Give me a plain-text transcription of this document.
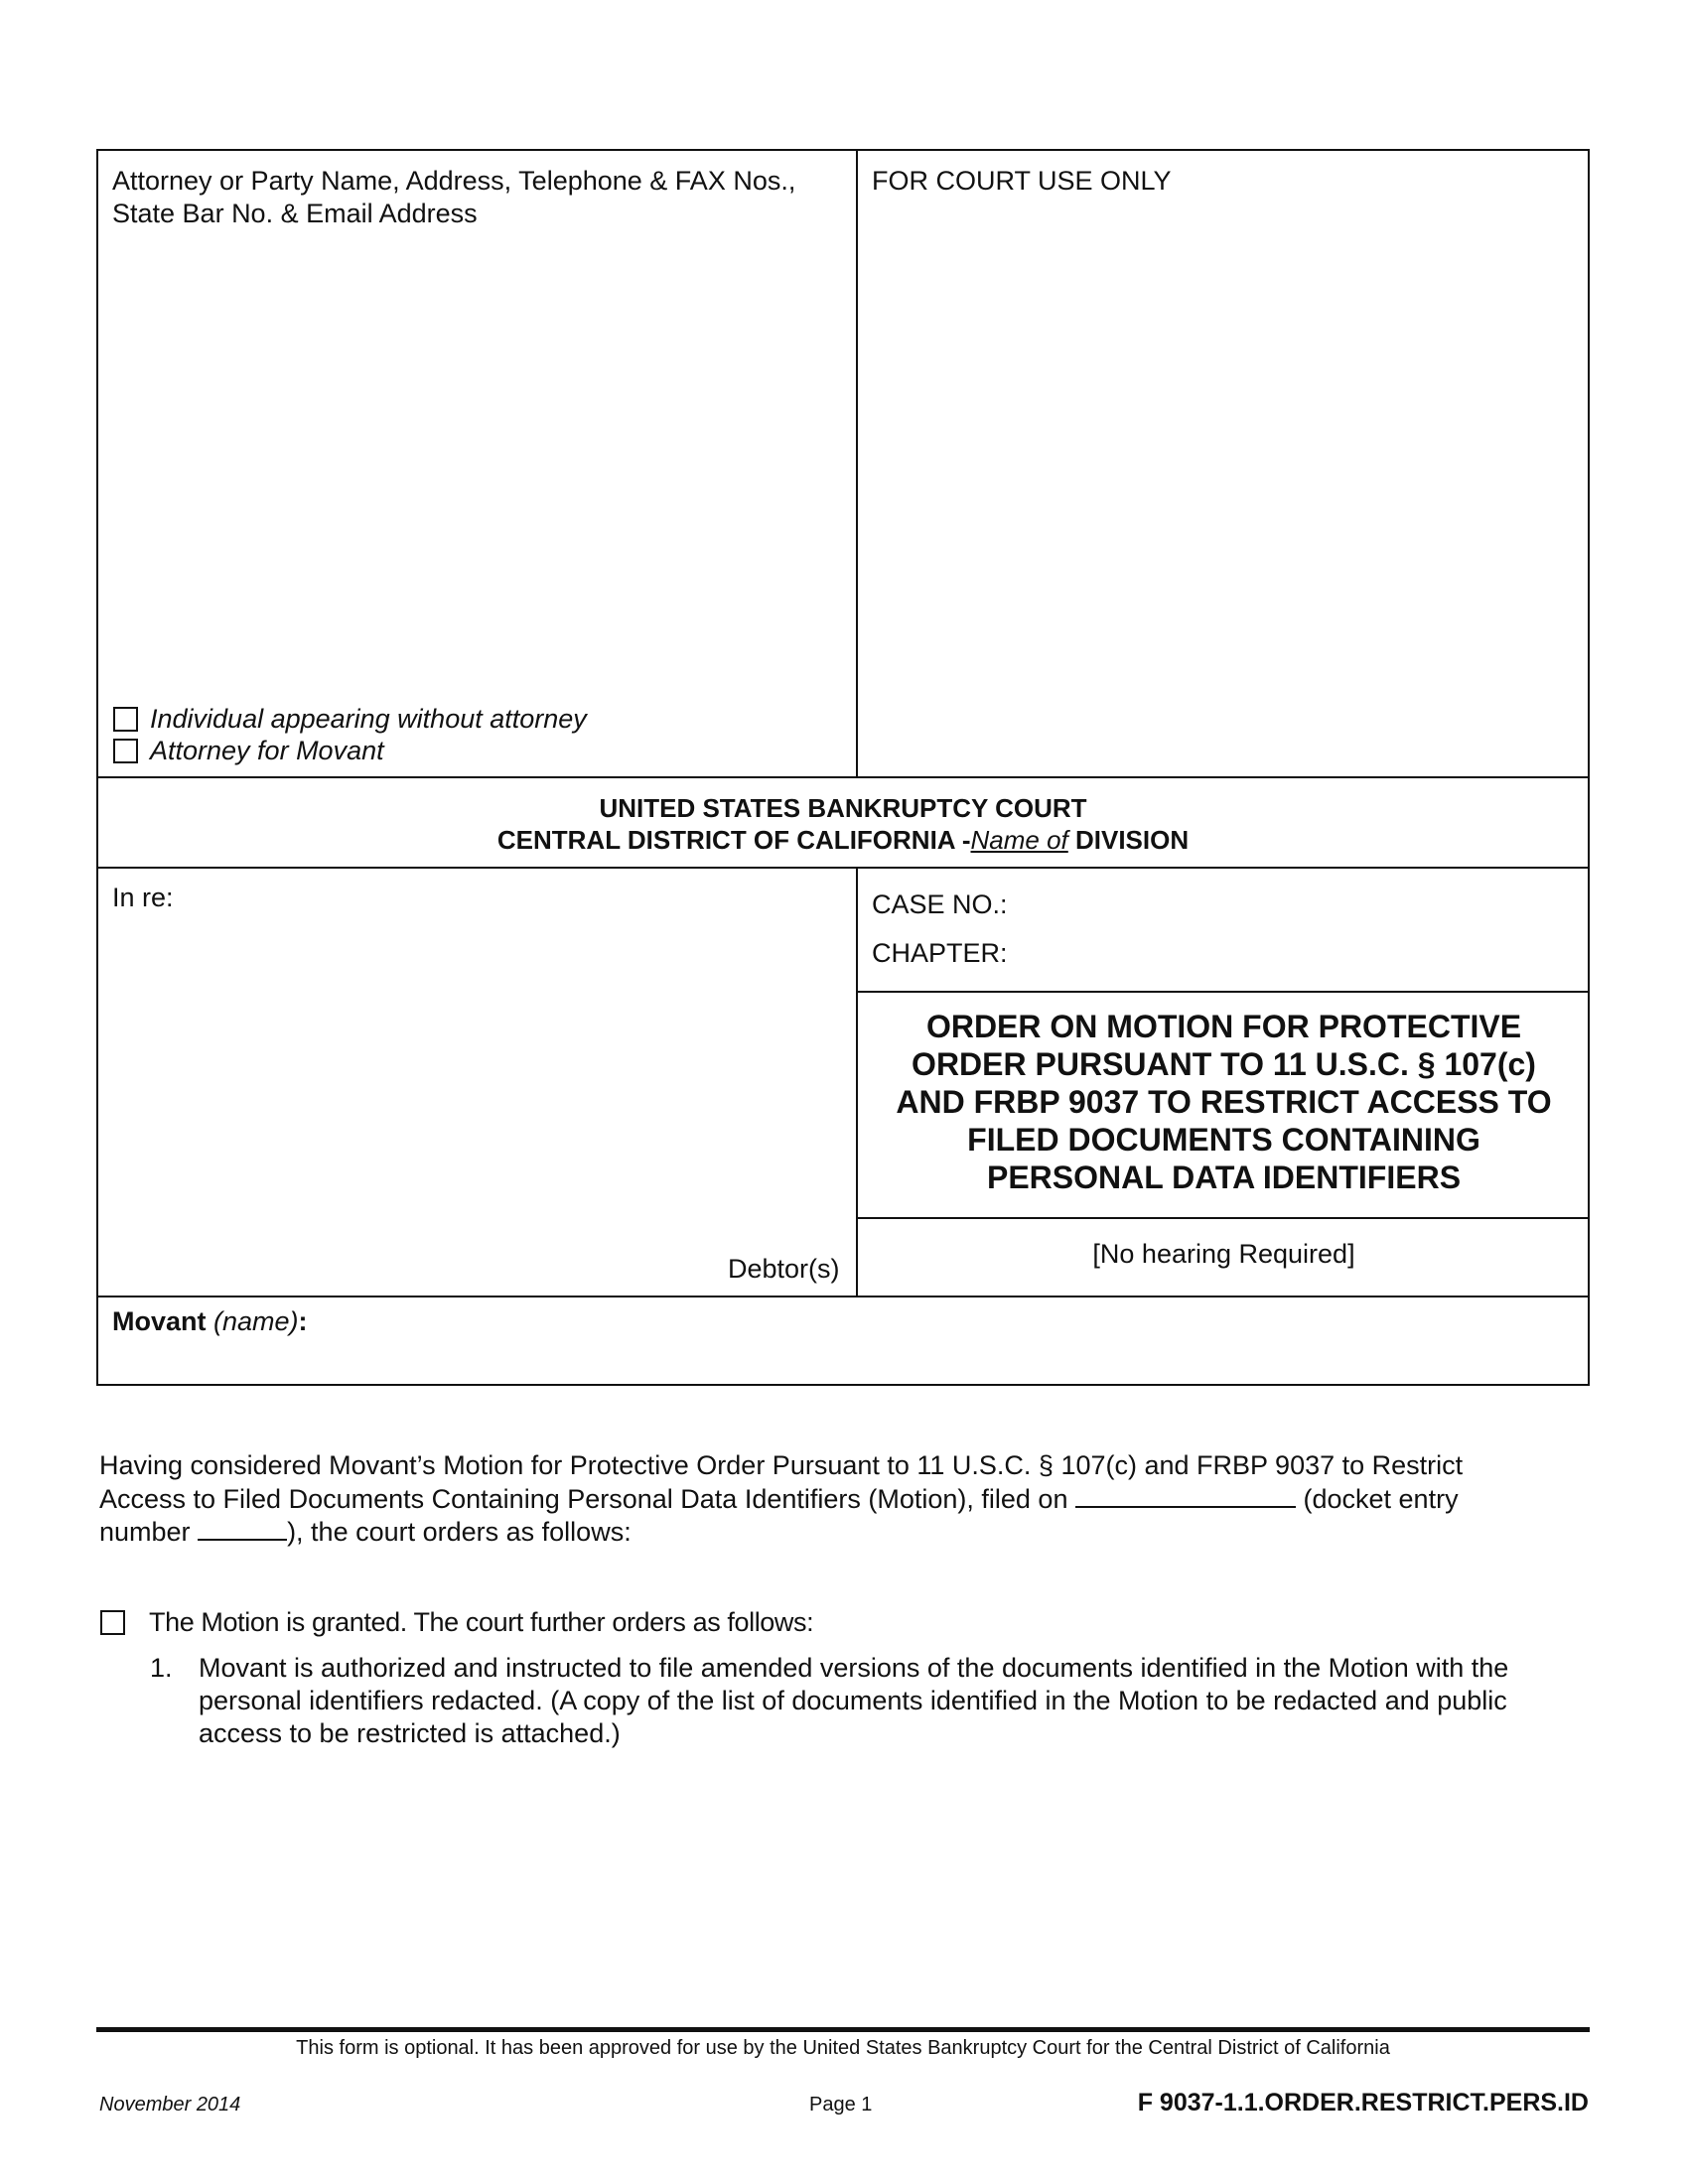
Attorney or Party Name, Address, Telephone & FAX Nos.,
State Bar No. & Email Address
FOR COURT USE ONLY
Individual appearing without attorney
Attorney for Movant
UNITED STATES BANKRUPTCY COURT
CENTRAL DISTRICT OF CALIFORNIA -Name of DIVISION
In re:
Debtor(s)
CASE NO.:
CHAPTER:
ORDER ON MOTION FOR PROTECTIVE
ORDER PURSUANT TO 11 U.S.C. § 107(c)
AND FRBP 9037 TO RESTRICT ACCESS TO
FILED DOCUMENTS CONTAINING
PERSONAL DATA IDENTIFIERS
[No hearing Required]
Movant (name):
Having considered Movant’s Motion for Protective Order Pursuant to 11 U.S.C. § 107(c) and FRBP 9037 to Restrict
Access to Filed Documents Containing Personal Data Identifiers (Motion), filed on	(docket entry
number	), the court orders as follows:
The Motion is granted. The court further orders as follows:
1. Movant is authorized and instructed to file amended versions of the documents identified in the Motion with the
personal identifiers redacted. (A copy of the list of documents identified in the Motion to be redacted and public
access to be restricted is attached.)
This form is optional. It has been approved for use by the United States Bankruptcy Court for the Central District of California
November 2014	Page 1	F 9037-1.1.ORDER.RESTRICT.PERS.ID
